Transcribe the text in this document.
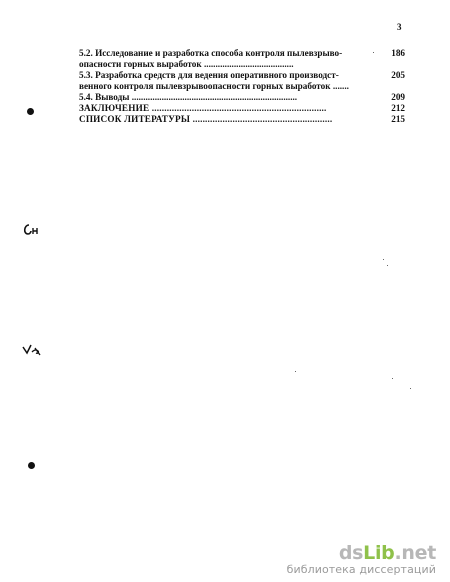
3
5.2. Исследование и разработка способа контроля пылевзрыво-	186
опасности горных выработок .......................................
5.3. Разработка средств для ведения оперативного производст-	205
венного контроля пылевзрывоопасности горных выработок .......
5.4. Выводы ........................................................................	209
ЗАКЛЮЧЕНИЕ ......................................................................	212
СПИСОК ЛИТЕРАТУРЫ ........................................................	215
dsLib.net
библиотека диссертаций
